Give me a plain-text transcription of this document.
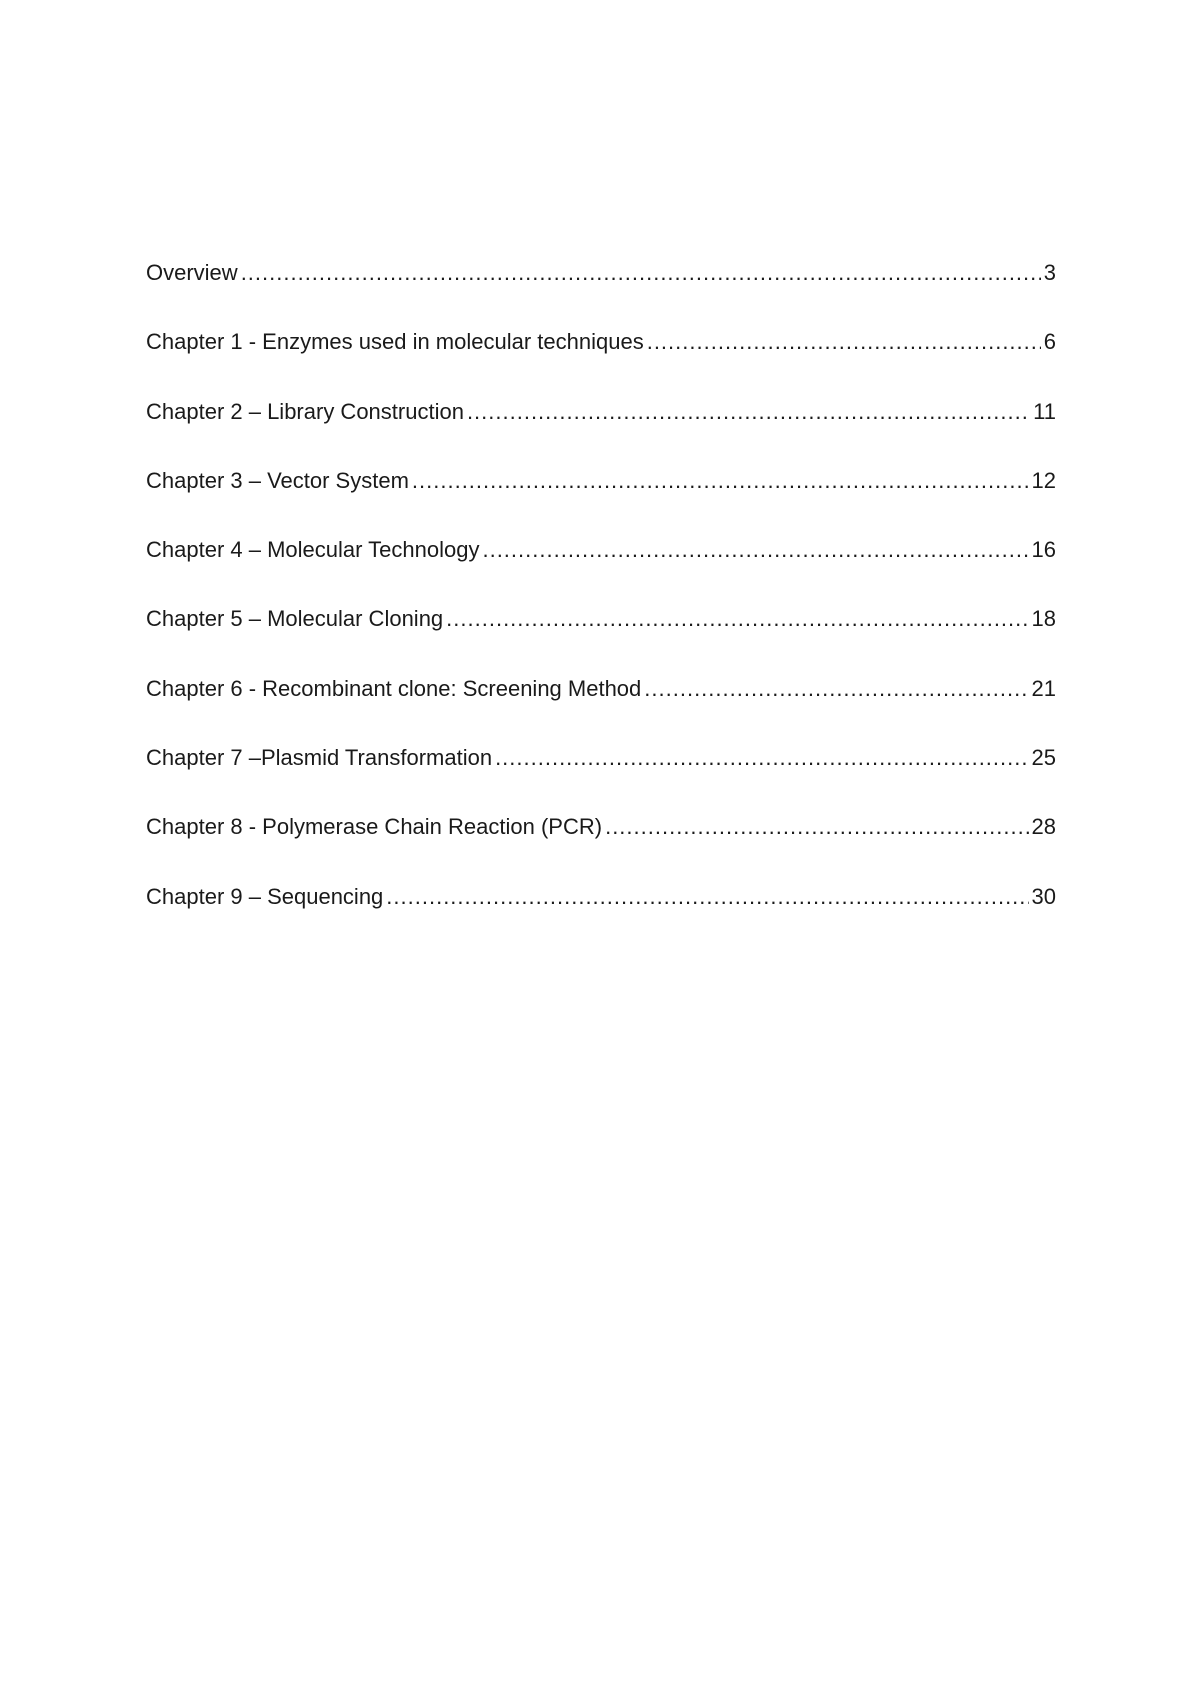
Overview .....	3
Chapter 1 - Enzymes used in molecular techniques .....	6
Chapter 2 – Library Construction .....	11
Chapter 3 – Vector System .....	12
Chapter 4 – Molecular Technology .....	16
Chapter 5 – Molecular Cloning .....	18
Chapter 6 - Recombinant clone: Screening Method .....	21
Chapter 7 –Plasmid Transformation .....	25
Chapter 8 - Polymerase Chain Reaction (PCR) .....	28
Chapter 9 – Sequencing .....	30
